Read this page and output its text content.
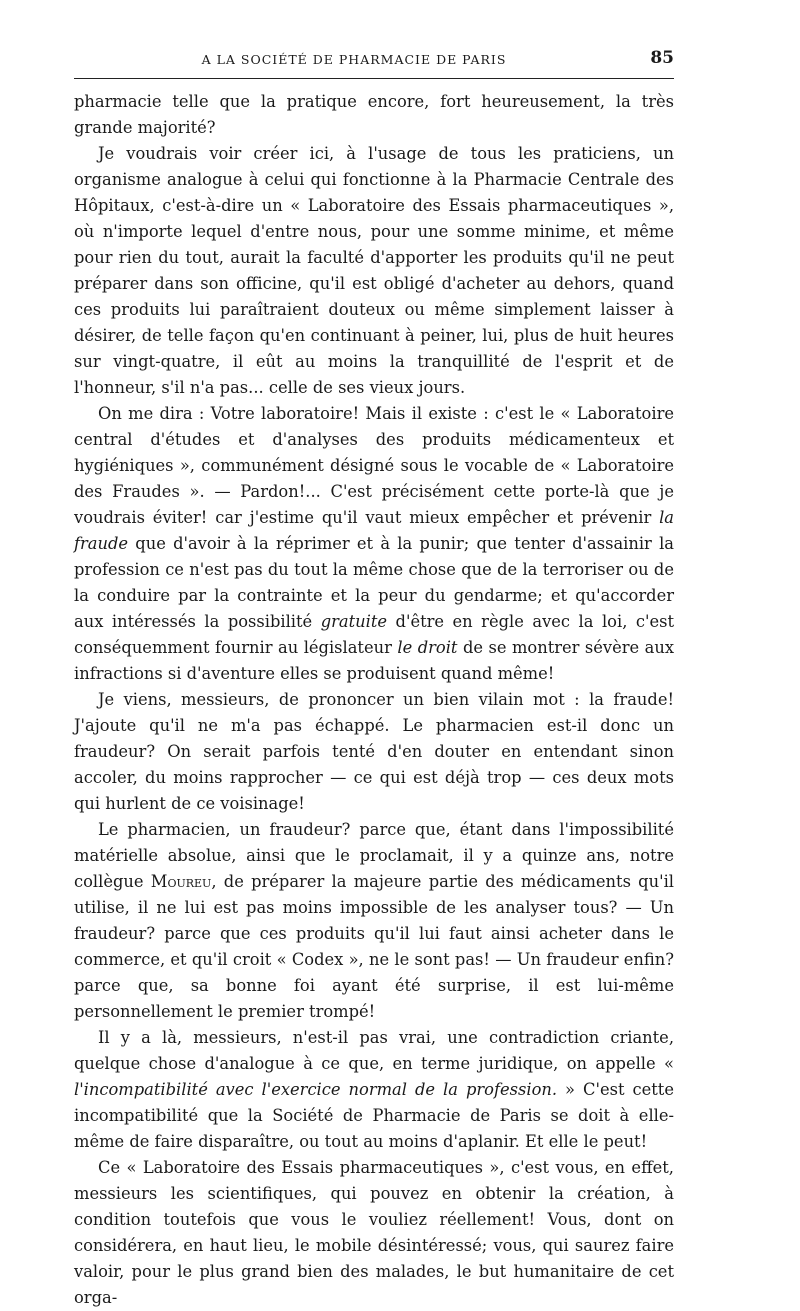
A LA SOCIÉTÉ DE PHARMACIE DE PARIS	85

pharmacie telle que la pratique encore, fort heureusement, la très grande majorité?

Je voudrais voir créer ici, à l'usage de tous les praticiens, un organisme analogue à celui qui fonctionne à la Pharmacie Centrale des Hôpitaux, c'est-à-dire un « Laboratoire des Essais pharmaceutiques », où n'importe lequel d'entre nous, pour une somme minime, et même pour rien du tout, aurait la faculté d'apporter les produits qu'il ne peut préparer dans son officine, qu'il est obligé d'acheter au dehors, quand ces produits lui paraîtraient douteux ou même simplement laisser à désirer, de telle façon qu'en continuant à peiner, lui, plus de huit heures sur vingt-quatre, il eût au moins la tranquillité de l'esprit et de l'honneur, s'il n'a pas... celle de ses vieux jours.

On me dira : Votre laboratoire! Mais il existe : c'est le « Laboratoire central d'études et d'analyses des produits médicamenteux et hygiéniques », communément désigné sous le vocable de « Laboratoire des Fraudes ». — Pardon!... C'est précisément cette porte-là que je voudrais éviter! car j'estime qu'il vaut mieux empêcher et prévenir la fraude que d'avoir à la réprimer et à la punir; que tenter d'assainir la profession ce n'est pas du tout la même chose que de la terroriser ou de la conduire par la contrainte et la peur du gendarme; et qu'accorder aux intéressés la possibilité gratuite d'être en règle avec la loi, c'est conséquemment fournir au législateur le droit de se montrer sévère aux infractions si d'aventure elles se produisent quand même!

Je viens, messieurs, de prononcer un bien vilain mot : la fraude! J'ajoute qu'il ne m'a pas échappé. Le pharmacien est-il donc un fraudeur? On serait parfois tenté d'en douter en entendant sinon accoler, du moins rapprocher — ce qui est déjà trop — ces deux mots qui hurlent de ce voisinage!

Le pharmacien, un fraudeur? parce que, étant dans l'impossibilité matérielle absolue, ainsi que le proclamait, il y a quinze ans, notre collègue Moureu, de préparer la majeure partie des médicaments qu'il utilise, il ne lui est pas moins impossible de les analyser tous? — Un fraudeur? parce que ces produits qu'il lui faut ainsi acheter dans le commerce, et qu'il croit « Codex », ne le sont pas! — Un fraudeur enfin? parce que, sa bonne foi ayant été surprise, il est lui-même personnellement le premier trompé!

Il y a là, messieurs, n'est-il pas vrai, une contradiction criante, quelque chose d'analogue à ce que, en terme juridique, on appelle « l'incompatibilité avec l'exercice normal de la profession. » C'est cette incompatibilité que la Société de Pharmacie de Paris se doit à elle-même de faire disparaître, ou tout au moins d'aplanir. Et elle le peut!

Ce « Laboratoire des Essais pharmaceutiques », c'est vous, en effet, messieurs les scientifiques, qui pouvez en obtenir la création, à condition toutefois que vous le vouliez réellement! Vous, dont on considérera, en haut lieu, le mobile désintéressé; vous, qui saurez faire valoir, pour le plus grand bien des malades, le but humanitaire de cet orga-
